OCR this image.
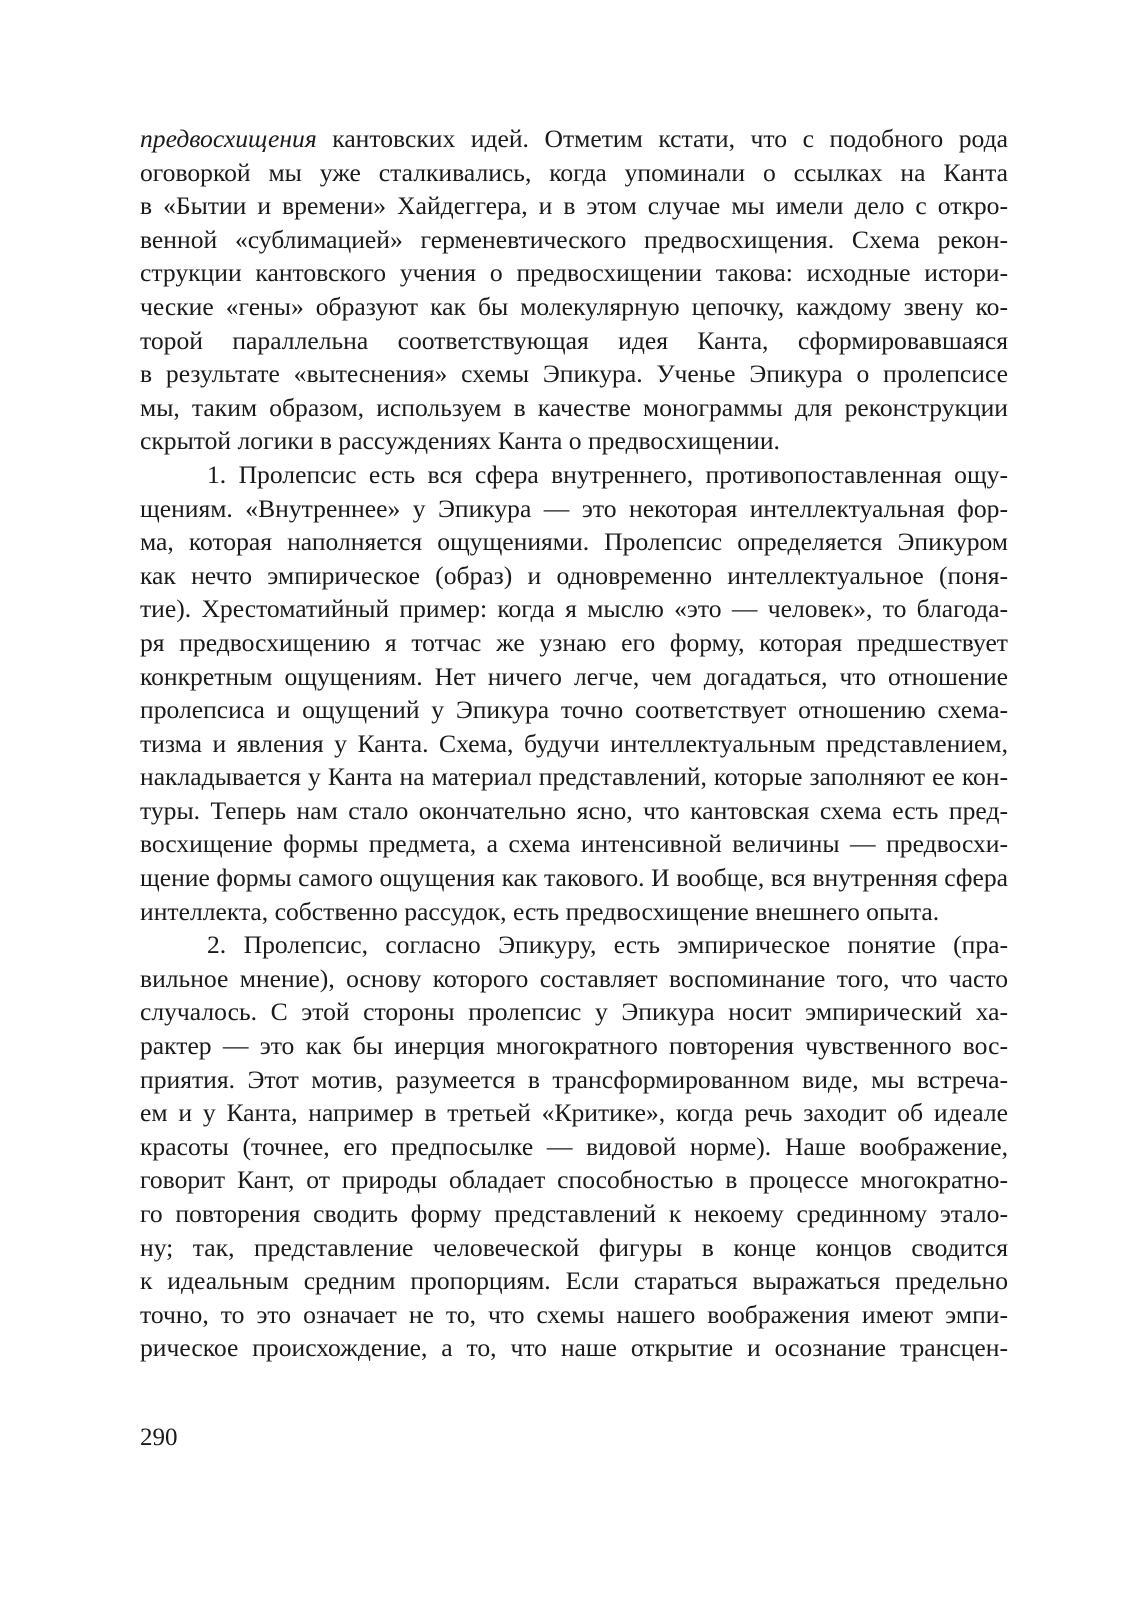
предвосхищения кантовских идей. Отметим кстати, что с подобного рода
оговоркой мы уже сталкивались, когда упоминали о ссылках на Канта
в «Бытии и времени» Хайдеггера, и в этом случае мы имели дело с откро-
венной «сублимацией» герменевтического предвосхищения. Схема рекон-
струкции кантовского учения о предвосхищении такова: исходные истори-
ческие «гены» образуют как бы молекулярную цепочку, каждому звену ко-
торой параллельна соответствующая идея Канта, сформировавшаяся
в результате «вытеснения» схемы Эпикура. Ученье Эпикура о пролепсисе
мы, таким образом, используем в качестве монограммы для реконструкции
скрытой логики в рассуждениях Канта о предвосхищении.
1. Пролепсис есть вся сфера внутреннего, противопоставленная ощу-
щениям. «Внутреннее» у Эпикура — это некоторая интеллектуальная фор-
ма, которая наполняется ощущениями. Пролепсис определяется Эпикуром
как нечто эмпирическое (образ) и одновременно интеллектуальное (поня-
тие). Хрестоматийный пример: когда я мыслю «это — человек», то благода-
ря предвосхищению я тотчас же узнаю его форму, которая предшествует
конкретным ощущениям. Нет ничего легче, чем догадаться, что отношение
пролепсиса и ощущений у Эпикура точно соответствует отношению схема-
тизма и явления у Канта. Схема, будучи интеллектуальным представлением,
накладывается у Канта на материал представлений, которые заполняют ее кон-
туры. Теперь нам стало окончательно ясно, что кантовская схема есть пред-
восхищение формы предмета, а схема интенсивной величины — предвосхи-
щение формы самого ощущения как такового. И вообще, вся внутренняя сфера
интеллекта, собственно рассудок, есть предвосхищение внешнего опыта.
2. Пролепсис, согласно Эпикуру, есть эмпирическое понятие (пра-
вильное мнение), основу которого составляет воспоминание того, что часто
случалось. С этой стороны пролепсис у Эпикура носит эмпирический ха-
рактер — это как бы инерция многократного повторения чувственного вос-
приятия. Этот мотив, разумеется в трансформированном виде, мы встреча-
ем и у Канта, например в третьей «Критике», когда речь заходит об идеале
красоты (точнее, его предпосылке — видовой норме). Наше воображение,
говорит Кант, от природы обладает способностью в процессе многократно-
го повторения сводить форму представлений к некоему срединному эталo-
ну; так, представление человеческой фигуры в конце концов сводится
к идеальным средним пропорциям. Если стараться выражаться предельно
точно, то это означает не то, что схемы нашего воображения имеют эмпи-
рическое происхождение, а то, что наше открытие и осознание трансцен-
290
